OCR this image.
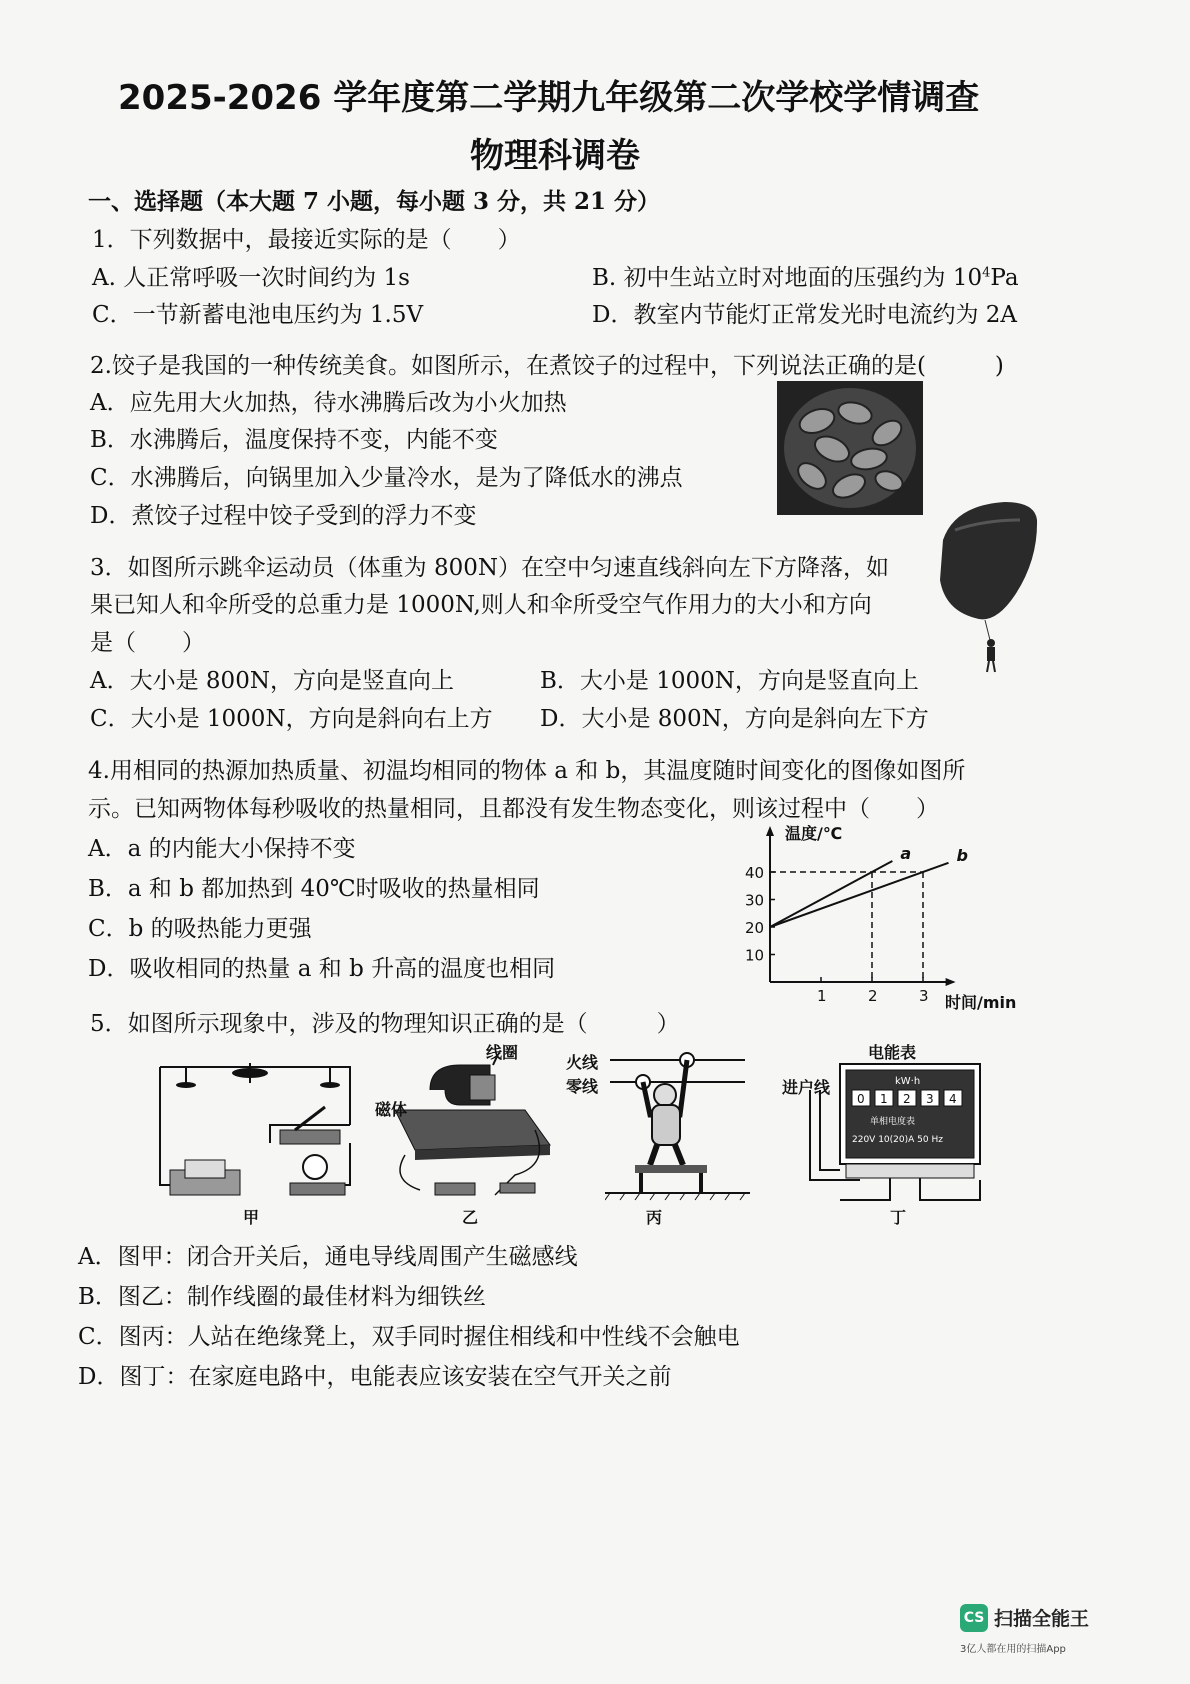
2025-2026 学年度第二学期九年级第二次学校学情调查
物理科调卷
一、选择题（本大题 7 小题，每小题 3 分，共 21 分）
1．下列数据中，最接近实际的是（　　）
A. 人正常呼吸一次时间约为 1s	B. 初中生站立时对地面的压强约为 $10^4Pa$
C．一节新蓄电池电压约为 1.5V	D．教室内节能灯正常发光时电流约为 2A
2.饺子是我国的一种传统美食。如图所示，在煮饺子的过程中，下列说法正确的是(　　　)
A．应先用大火加热，待水沸腾后改为小火加热
B．水沸腾后，温度保持不变，内能不变
C．水沸腾后，向锅里加入少量冷水，是为了降低水的沸点
D．煮饺子过程中饺子受到的浮力不变
3．如图所示跳伞运动员（体重为 800N）在空中匀速直线斜向左下方降落，如
果已知人和伞所受的总重力是 1000N,则人和伞所受空气作用力的大小和方向
是（　　）
A．大小是 800N，方向是竖直向上	B．大小是 1000N，方向是竖直向上
C．大小是 1000N，方向是斜向右上方 D．大小是 800N，方向是斜向左下方
4.用相同的热源加热质量、初温均相同的物体 a 和 b，其温度随时间变化的图像如图所
示。已知两物体每秒吸收的热量相同，且都没有发生物态变化，则该过程中（　　）
A．a 的内能大小保持不变
B．a 和 b 都加热到 40℃时吸收的热量相同
C．b 的吸热能力更强
D．吸收相同的热量 a 和 b 升高的温度也相同
10
20
30
40
1	2	3
a	b
温度/℃
时间/min
5．如图所示现象中，涉及的物理知识正确的是（　　　）
甲
线圈
磁体
乙
火线
零线
丙
电能表
进户线	kW·h
0 1 2 3 4
单相电度表
220V 10(20)A 50 Hz
丁
A．图甲：闭合开关后，通电导线周围产生磁感线
B．图乙：制作线圈的最佳材料为细铁丝
C．图丙：人站在绝缘凳上，双手同时握住相线和中性线不会触电
D．图丁：在家庭电路中，电能表应该安装在空气开关之前
CS 扫描全能王
3亿人都在用的扫描App
